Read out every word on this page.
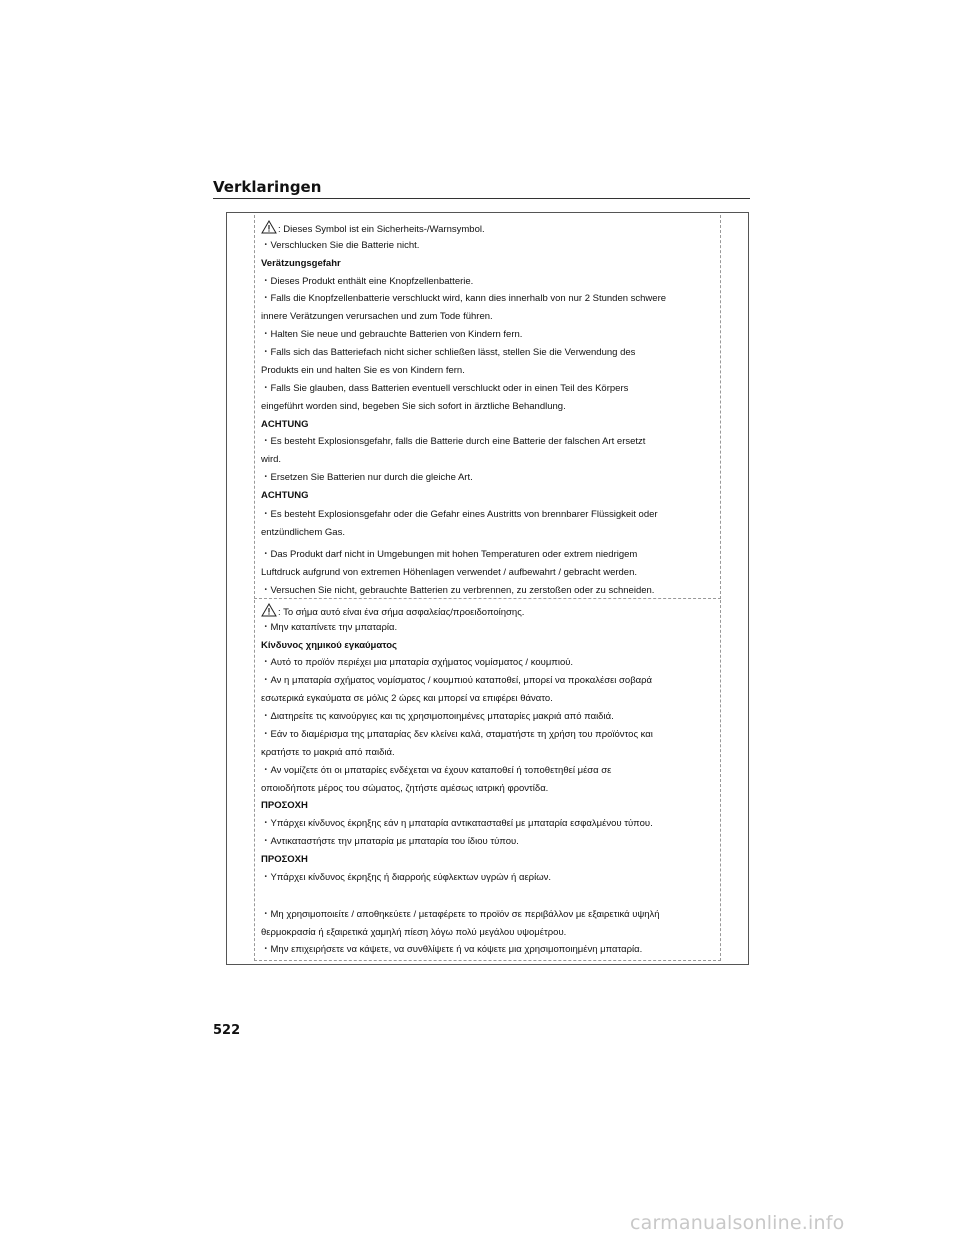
Verklaringen
: Dieses Symbol ist ein Sicherheits-/Warnsymbol.
・Verschlucken Sie die Batterie nicht.
Verätzungsgefahr
・Dieses Produkt enthält eine Knopfzellenbatterie.
・Falls die Knopfzellenbatterie verschluckt wird, kann dies innerhalb von nur 2 Stunden schwere
innere Verätzungen verursachen und zum Tode führen.
・Halten Sie neue und gebrauchte Batterien von Kindern fern.
・Falls sich das Batteriefach nicht sicher schließen lässt, stellen Sie die Verwendung des
Produkts ein und halten Sie es von Kindern fern.
・Falls Sie glauben, dass Batterien eventuell verschluckt oder in einen Teil des Körpers
eingeführt worden sind, begeben Sie sich sofort in ärztliche Behandlung.
ACHTUNG
・Es besteht Explosionsgefahr, falls die Batterie durch eine Batterie der falschen Art ersetzt
wird.
・Ersetzen Sie Batterien nur durch die gleiche Art.
ACHTUNG
・Es besteht Explosionsgefahr oder die Gefahr eines Austritts von brennbarer Flüssigkeit oder
entzündlichem Gas.
・Das Produkt darf nicht in Umgebungen mit hohen Temperaturen oder extrem niedrigem
Luftdruck aufgrund von extremen Höhenlagen verwendet / aufbewahrt / gebracht werden.
・Versuchen Sie nicht, gebrauchte Batterien zu verbrennen, zu zerstoßen oder zu schneiden.
: Το σήμα αυτό είναι ένα σήμα ασφαλείας/προειδοποίησης.
・Μην καταπίνετε την μπαταρία.
Κίνδυνος χημικού εγκαύματος
・Αυτό το προϊόν περιέχει μια μπαταρία σχήματος νομίσματος / κουμπιού.
・Αν η μπαταρία σχήματος νομίσματος / κουμπιού καταποθεί, μπορεί να προκαλέσει σοβαρά
εσωτερικά εγκαύματα σε μόλις 2 ώρες και μπορεί να επιφέρει θάνατο.
・Διατηρείτε τις καινούργιες και τις χρησιμοποιημένες μπαταρίες μακριά από παιδιά.
・Εάν το διαμέρισμα της μπαταρίας δεν κλείνει καλά, σταματήστε τη χρήση του προϊόντος και
κρατήστε το μακριά από παιδιά.
・Αν νομίζετε ότι οι μπαταρίες ενδέχεται να έχουν καταποθεί ή τοποθετηθεί μέσα σε
οποιοδήποτε μέρος του σώματος, ζητήστε αμέσως ιατρική φροντίδα.
ΠΡΟΣΟΧΗ
・Υπάρχει κίνδυνος έκρηξης εάν η μπαταρία αντικατασταθεί με μπαταρία εσφαλμένου τύπου.
・Αντικαταστήστε την μπαταρία με μπαταρία του ίδιου τύπου.
ΠΡΟΣΟΧΗ
・Υπάρχει κίνδυνος έκρηξης ή διαρροής εύφλεκτων υγρών ή αερίων.
・Μη χρησιμοποιείτε / αποθηκεύετε / μεταφέρετε το προϊόν σε περιβάλλον με εξαιρετικά υψηλή
θερμοκρασία ή εξαιρετικά χαμηλή πίεση λόγω πολύ μεγάλου υψομέτρου.
・Μην επιχειρήσετε να κάψετε, να συνθλίψετε ή να κόψετε μια χρησιμοποιημένη μπαταρία.
522
carmanualsonline.info
